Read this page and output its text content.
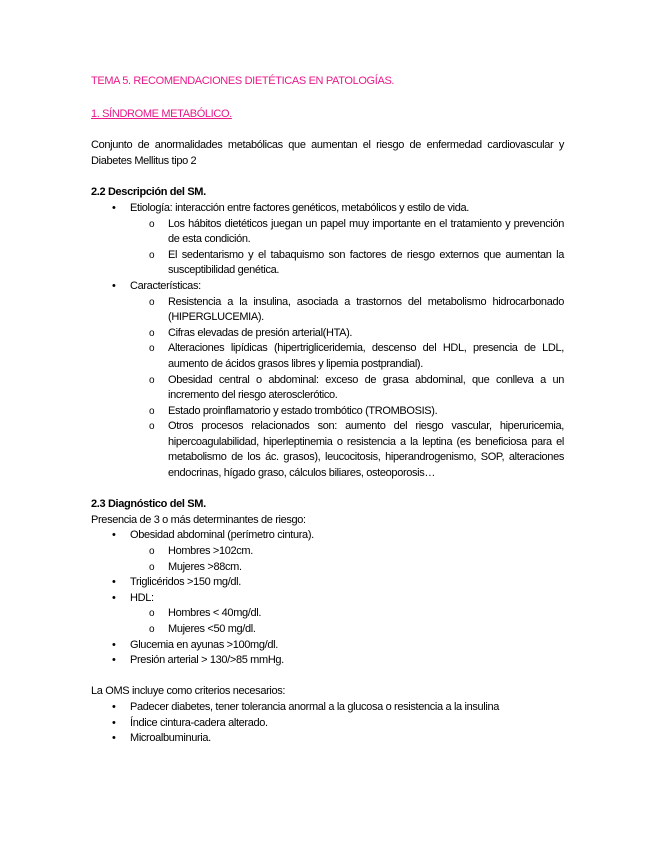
TEMA 5. RECOMENDACIONES DIETÉTICAS EN PATOLOGÍAS.
1. SÍNDROME METABÓLICO.

Conjunto de anormalidades metabólicas que aumentan el riesgo de enfermedad cardiovascular y Diabetes Mellitus tipo 2

2.2 Descripción del SM.

• Etiología: interacción entre factores genéticos, metabólicos y estilo de vida.
o Los hábitos dietéticos juegan un papel muy importante en el tratamiento y prevención de esta condición.
o El sedentarismo y el tabaquismo son factores de riesgo externos que aumentan la susceptibilidad genética.
• Características:
o Resistencia a la insulina, asociada a trastornos del metabolismo hidrocarbonado (HIPERGLUCEMIA).
o Cifras elevadas de presión arterial(HTA).
o Alteraciones lipídicas (hipertrigliceridemia, descenso del HDL, presencia de LDL, aumento de ácidos grasos libres y lipemia postprandial).
o Obesidad central o abdominal: exceso de grasa abdominal, que conlleva a un incremento del riesgo aterosclerótico.
o Estado proinflamatorio y estado trombótico (TROMBOSIS).
o Otros procesos relacionados son: aumento del riesgo vascular, hiperuricemia, hipercoagulabilidad, hiperleptinemia o resistencia a la leptina (es beneficiosa para el metabolismo de los ác. grasos), leucocitosis, hiperandrogenismo, SOP, alteraciones endocrinas, hígado graso, cálculos biliares, osteoporosis…

2.3 Diagnóstico del SM.

Presencia de 3 o más determinantes de riesgo:

• Obesidad abdominal (perímetro cintura).
o Hombres >102cm.
o Mujeres >88cm.
• Triglicéridos >150 mg/dl.
• HDL:
o Hombres < 40mg/dl.
o Mujeres <50 mg/dl.
• Glucemia en ayunas >100mg/dl.
• Presión arterial > 130/>85 mmHg.

La OMS incluye como criterios necesarios:

• Padecer diabetes, tener tolerancia anormal a la glucosa o resistencia a la insulina
• Índice cintura-cadera alterado.
• Microalbuminuria.
